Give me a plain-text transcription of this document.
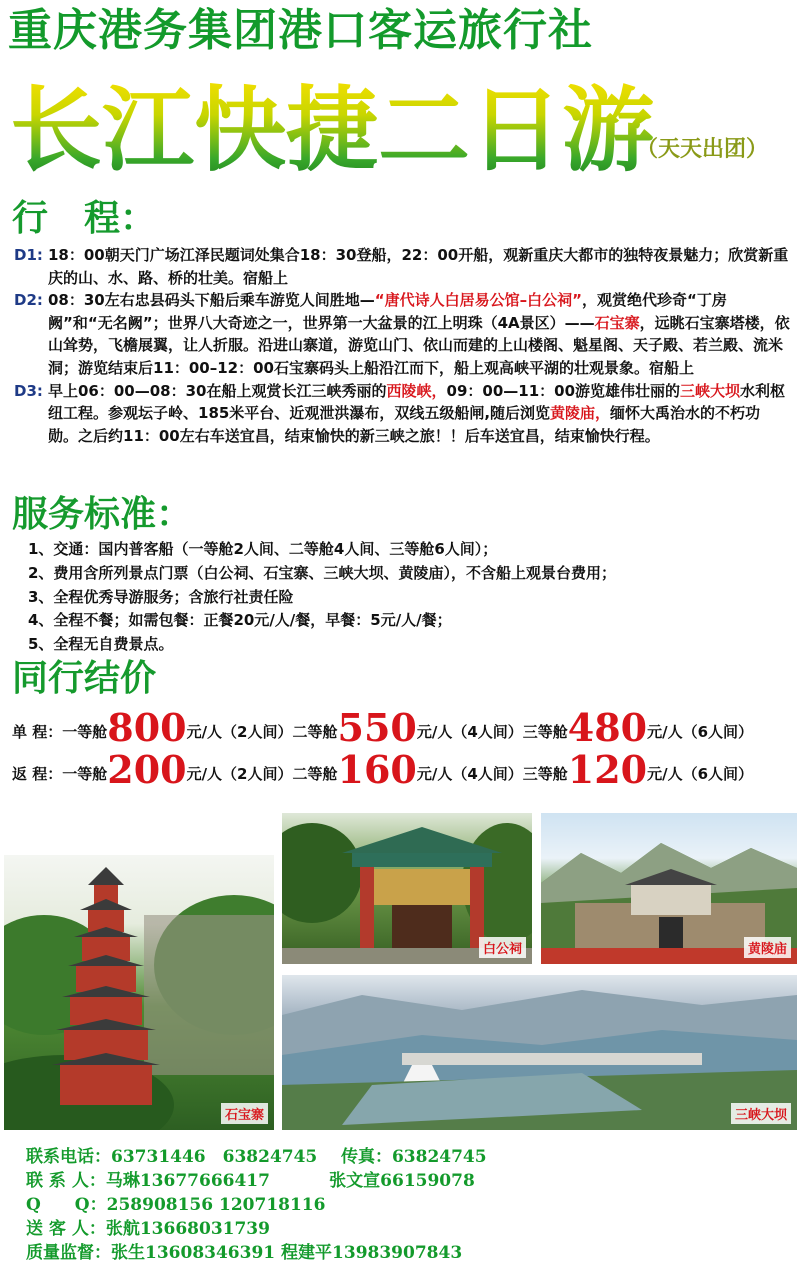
重庆港务集团港口客运旅行社
长江快捷二日游
（天天出团）
行　程：

D1: 18：00朝天门广场江泽民题词处集合18：30登船，22：00开船，观新重庆大都市的独特夜景魅力；欣赏新重庆的山、水、路、桥的壮美。宿船上

D2: 08：30左右忠县码头下船后乘车游览人间胜地—“唐代诗人白居易公馆–白公祠”，观赏绝代珍奇“丁房阙”和“无名阙”；世界八大奇迹之一，世界第一大盆景的江上明珠（4A景区）——石宝寨，远眺石宝寨塔楼，依山耸势，飞檐展翼，让人折服。沿进山寨道，游览山门、依山而建的上山楼阁、魁星阁、天子殿、若兰殿、流米洞；游览结束后11：00–12：00石宝寨码头上船沿江而下，船上观高峡平湖的壮观景象。宿船上

D3: 早上06：00—08：30在船上观赏长江三峡秀丽的西陵峡，09：00—11：00游览雄伟壮丽的三峡大坝水利枢纽工程。参观坛子岭、185米平台、近观泄洪瀑布，双线五级船闸,随后浏览黄陵庙，缅怀大禹治水的不朽功勋。之后约11：00左右车送宜昌，结束愉快的新三峡之旅！！后车送宜昌，结束愉快行程。

服务标准：
1、交通：国内普客船（一等舱2人间、二等舱4人间、三等舱6人间）；
2、费用含所列景点门票（白公祠、石宝寨、三峡大坝、黄陵庙），不含船上观景台费用；
3、全程优秀导游服务；含旅行社责任险
4、全程不餐；如需包餐：正餐20元/人/餐，早餐：5元/人/餐；
5、全程无自费景点。
同行结价
单 程：一等舱800元/人（2人间）二等舱550元/人（4人间）三等舱480元/人（6人间）
返 程：一等舱200元/人（2人间）二等舱160元/人（4人间）三等舱120元/人（6人间）
石宝寨
白公祠	黄陵庙
三峡大坝
联系电话：63731446　63824745 传真：63824745
联 系 人：马琳13677666417	张文宣66159078
Q　　Q：258908156 120718116
送 客 人：张航13668031739
质量监督：张生13608346391 程建平13983907843
